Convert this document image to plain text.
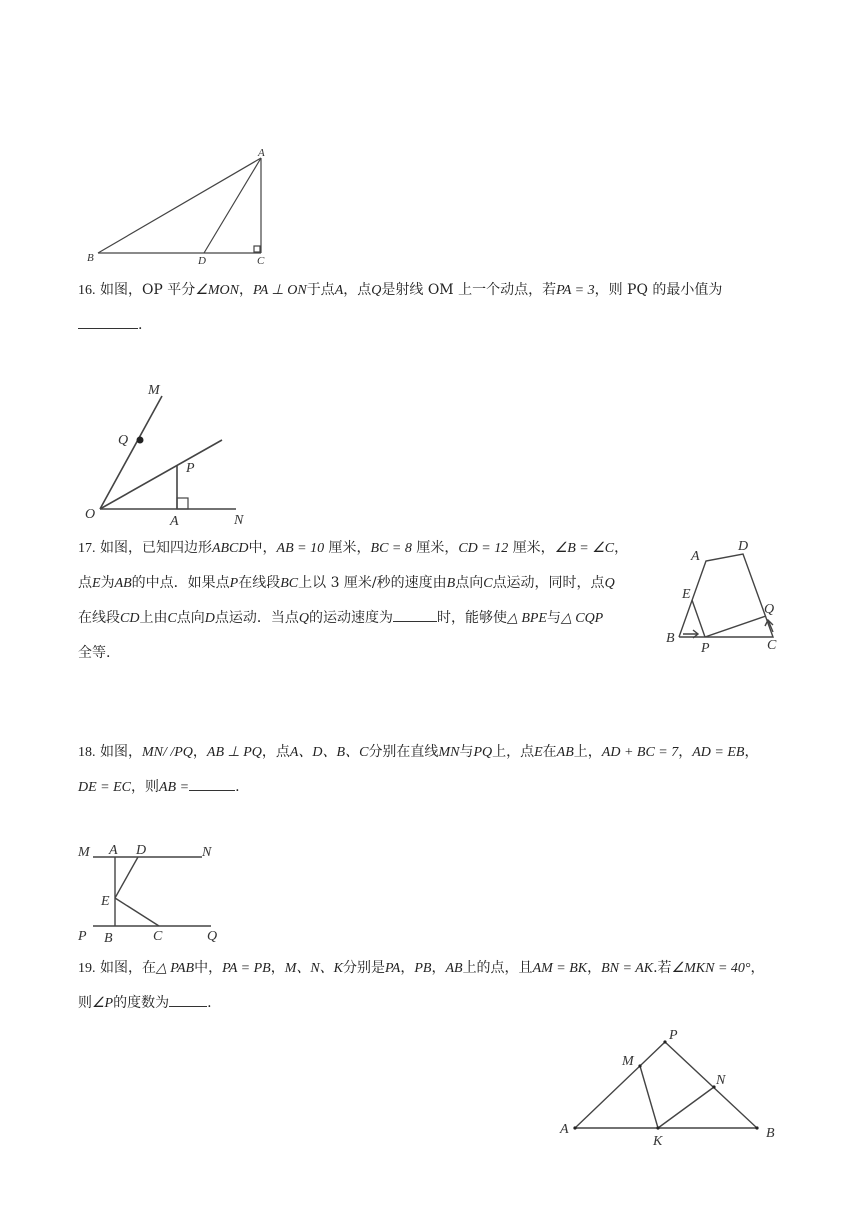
A
B	D	C
16. 如图，OP 平分∠MON，PA ⊥ ON于点A，点Q是射线 OM 上一个动点，若PA = 3，则 PQ 的最小值为
.
M
Q
P
O	A	N
17. 如图，已知四边形ABCD中，AB = 10 厘米，BC = 8 厘米，CD = 12 厘米，∠B = ∠C，
点E为AB的中点．如果点P在线段BC上以 3 厘米/秒的速度由B点向C点运动，同时，点Q
在线段CD上由C点向D点运动．当点Q的运动速度为	时，能够使△ BPE与△ CQP
全等.
A
D
E
Q
B
P	C
18. 如图，MN/ /PQ，AB ⊥ PQ，点A、D、B、C分别在直线MN与PQ上，点E在AB上，AD + BC = 7，AD = EB，
DE = EC，则AB =	.
M A D	N
E
P B	C	Q
19. 如图，在△ PAB中，PA = PB，M、N、K分别是PA，PB，AB上的点，且AM = BK，BN = AK.若∠MKN = 40°，
则∠P的度数为	.
P
M
N
A
K
B
